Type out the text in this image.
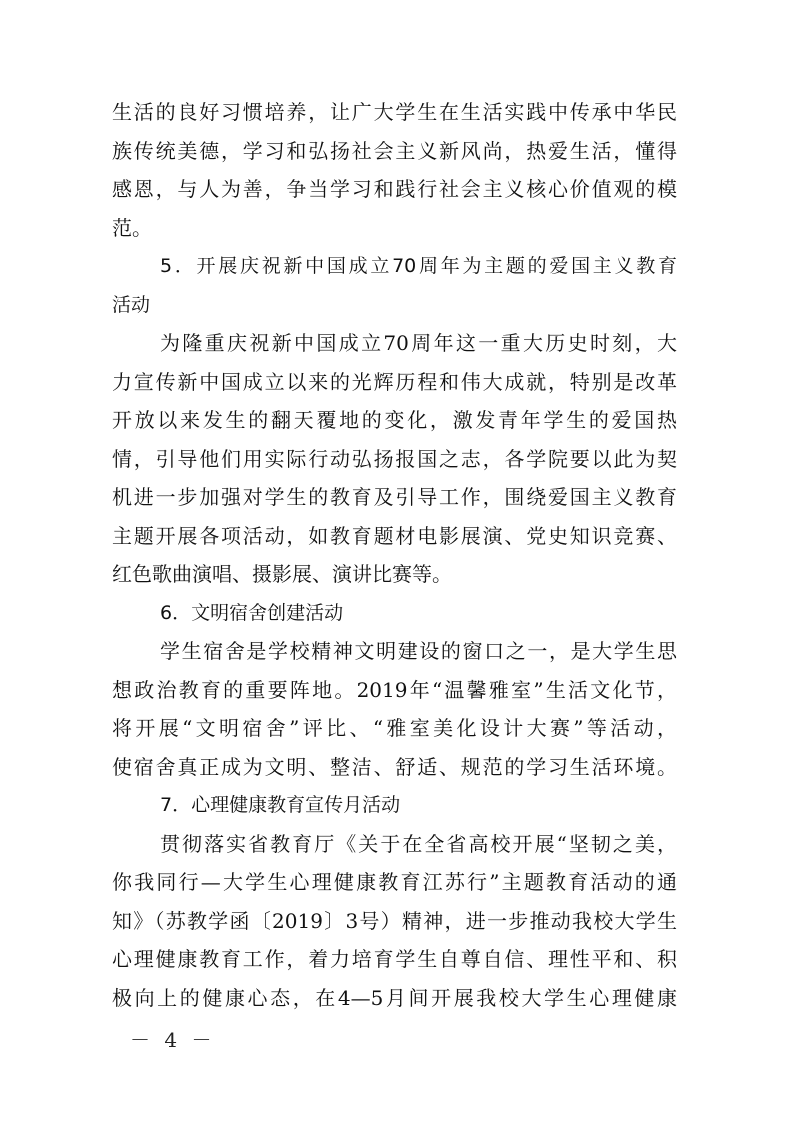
生活的良好习惯培养，让广大学生在生活实践中传承中华民
族传统美德，学习和弘扬社会主义新风尚，热爱生活，懂得
感恩，与人为善，争当学习和践行社会主义核心价值观的模
范。
5．开展庆祝新中国成立70周年为主题的爱国主义教育
活动
为隆重庆祝新中国成立70周年这一重大历史时刻，大
力宣传新中国成立以来的光辉历程和伟大成就，特别是改革
开放以来发生的翻天覆地的变化，激发青年学生的爱国热
情，引导他们用实际行动弘扬报国之志，各学院要以此为契
机进一步加强对学生的教育及引导工作，围绕爱国主义教育
主题开展各项活动，如教育题材电影展演、党史知识竞赛、
红色歌曲演唱、摄影展、演讲比赛等。
6．文明宿舍创建活动
学生宿舍是学校精神文明建设的窗口之一，是大学生思
想政治教育的重要阵地。2019年“温馨雅室”生活文化节，
将开展“文明宿舍”评比、“雅室美化设计大赛”等活动，
使宿舍真正成为文明、整洁、舒适、规范的学习生活环境。
7．心理健康教育宣传月活动
贯彻落实省教育厅《关于在全省高校开展“坚韧之美，
－ 4 －
你我同行—大学生心理健康教育江苏行”主题教育活动的通
知》（苏教学函〔2019〕3号）精神，进一步推动我校大学生
心理健康教育工作，着力培育学生自尊自信、理性平和、积
极向上的健康心态，在4—5月间开展我校大学生心理健康
